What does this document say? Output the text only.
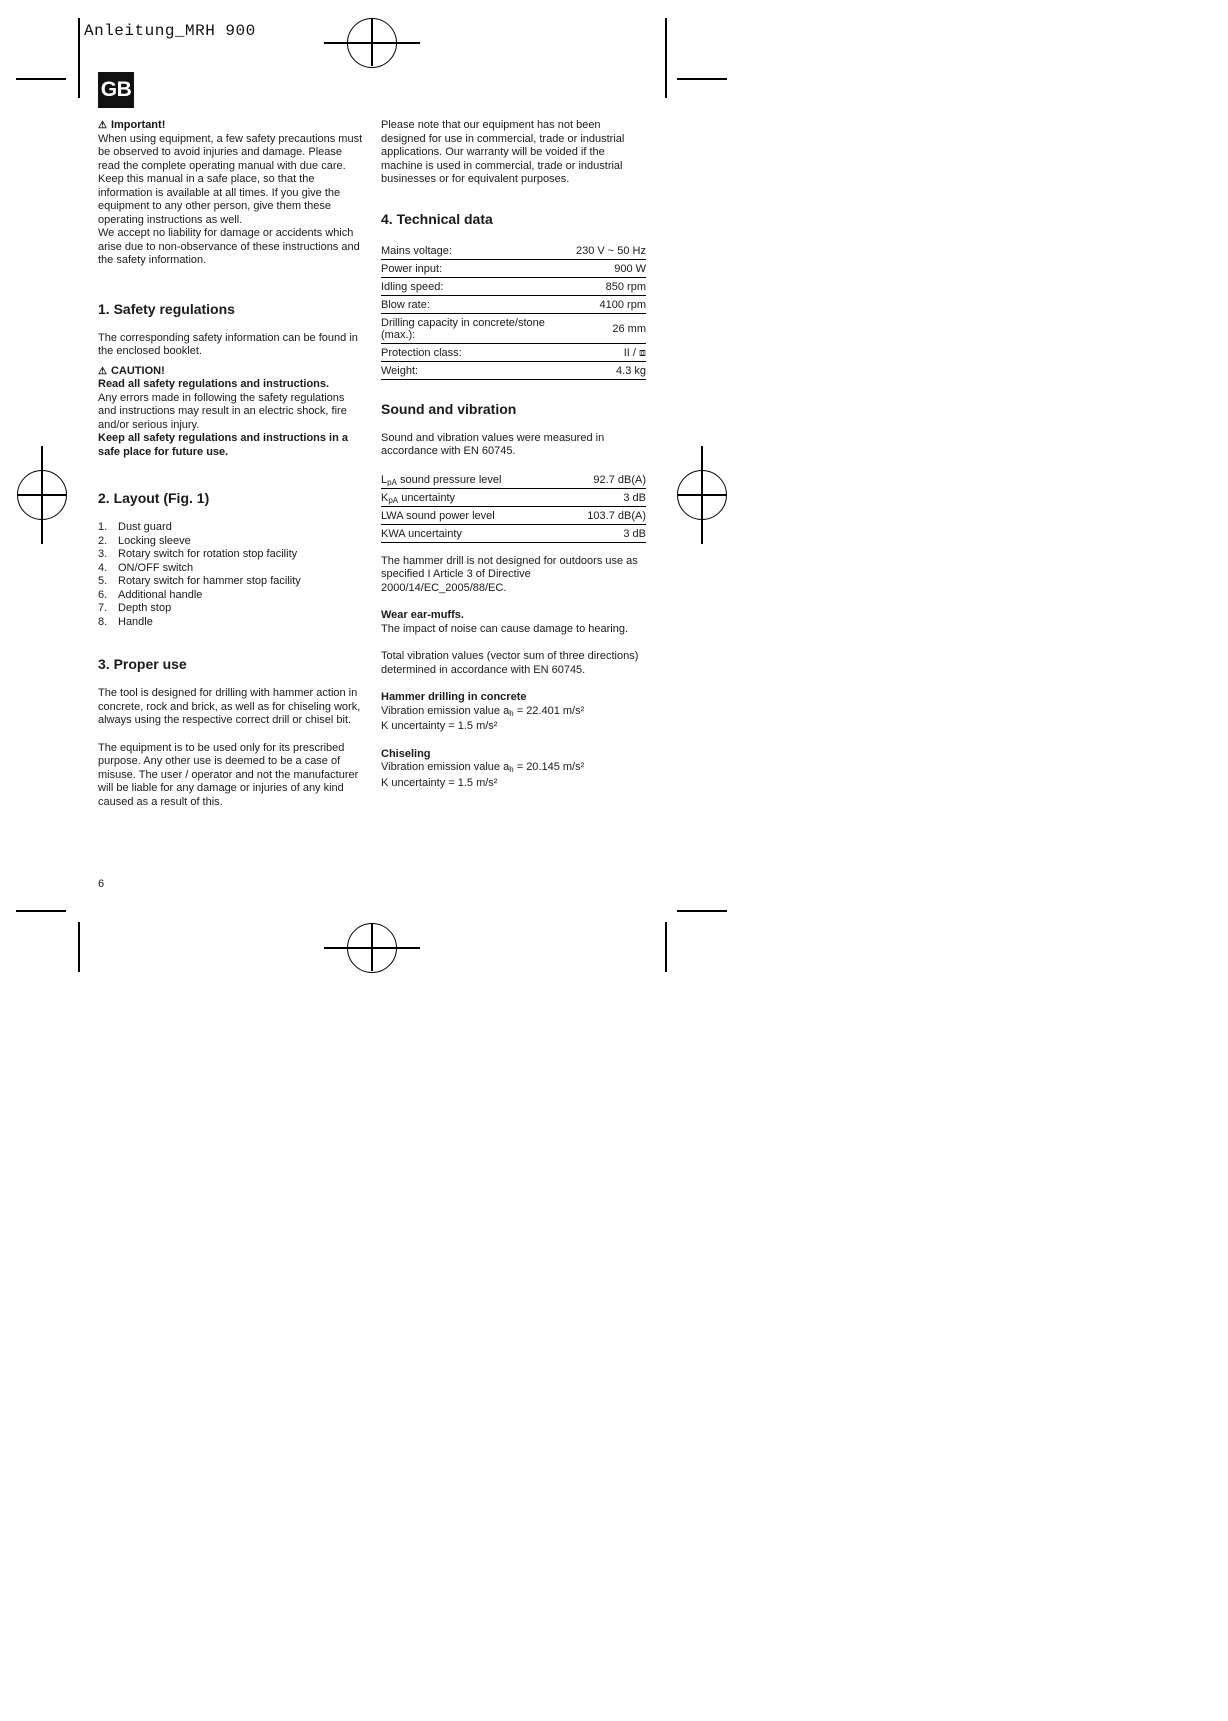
Anleitung_MRH 900
GB

⚠ Important!

When using equipment, a few safety precautions must be observed to avoid injuries and damage. Please read the complete operating manual with due care. Keep this manual in a safe place, so that the information is available at all times. If you give the equipment to any other person, give them these operating instructions as well.

We accept no liability for damage or accidents which arise due to non-observance of these instructions and the safety information.

1. Safety regulations

The corresponding safety information can be found in the enclosed booklet.

⚠ CAUTION!

Read all safety regulations and instructions.

Any errors made in following the safety regulations and instructions may result in an electric shock, fire and/or serious injury.

Keep all safety regulations and instructions in a safe place for future use.

2. Layout (Fig. 1)
1. Dust guard
2. Locking sleeve
3. Rotary switch for rotation stop facility
4. ON/OFF switch
5. Rotary switch for hammer stop facility
6. Additional handle
7. Depth stop
8. Handle
3. Proper use

The tool is designed for drilling with hammer action in concrete, rock and brick, as well as for chiseling work, always using the respective correct drill or chisel bit.

The equipment is to be used only for its prescribed purpose. Any other use is deemed to be a case of misuse. The user / operator and not the manufacturer will be liable for any damage or injuries of any kind caused as a result of this.

Please note that our equipment has not been designed for use in commercial, trade or industrial applications. Our warranty will be voided if the machine is used in commercial, trade or industrial businesses or for equivalent purposes.

4. Technical data
Mains voltage:	230 V ~ 50 Hz
Power input:	900 W
Idling speed:	850 rpm
Blow rate:	4100 rpm
Drilling capacity in concrete/stone (max.):	26 mm
Protection class:	II / ⧈
Weight:	4.3 kg
Sound and vibration

Sound and vibration values were measured in accordance with EN 60745.

$L_{pA}$ sound pressure level	92.7 dB(A)
$K_{pA}$ uncertainty	3 dB
LWA sound power level	103.7 dB(A)
KWA uncertainty	3 dB

The hammer drill is not designed for outdoors use as specified I Article 3 of Directive 2000/14/EC_2005/88/EC.

Wear ear-muffs.

The impact of noise can cause damage to hearing.

Total vibration values (vector sum of three directions) determined in accordance with EN 60745.

Hammer drilling in concrete

Vibration emission value $a_h = 22.401$ m/s²

K uncertainty = 1.5 m/s²

Chiseling

Vibration emission value $a_h = 20.145$ m/s²

K uncertainty = 1.5 m/s²

6
